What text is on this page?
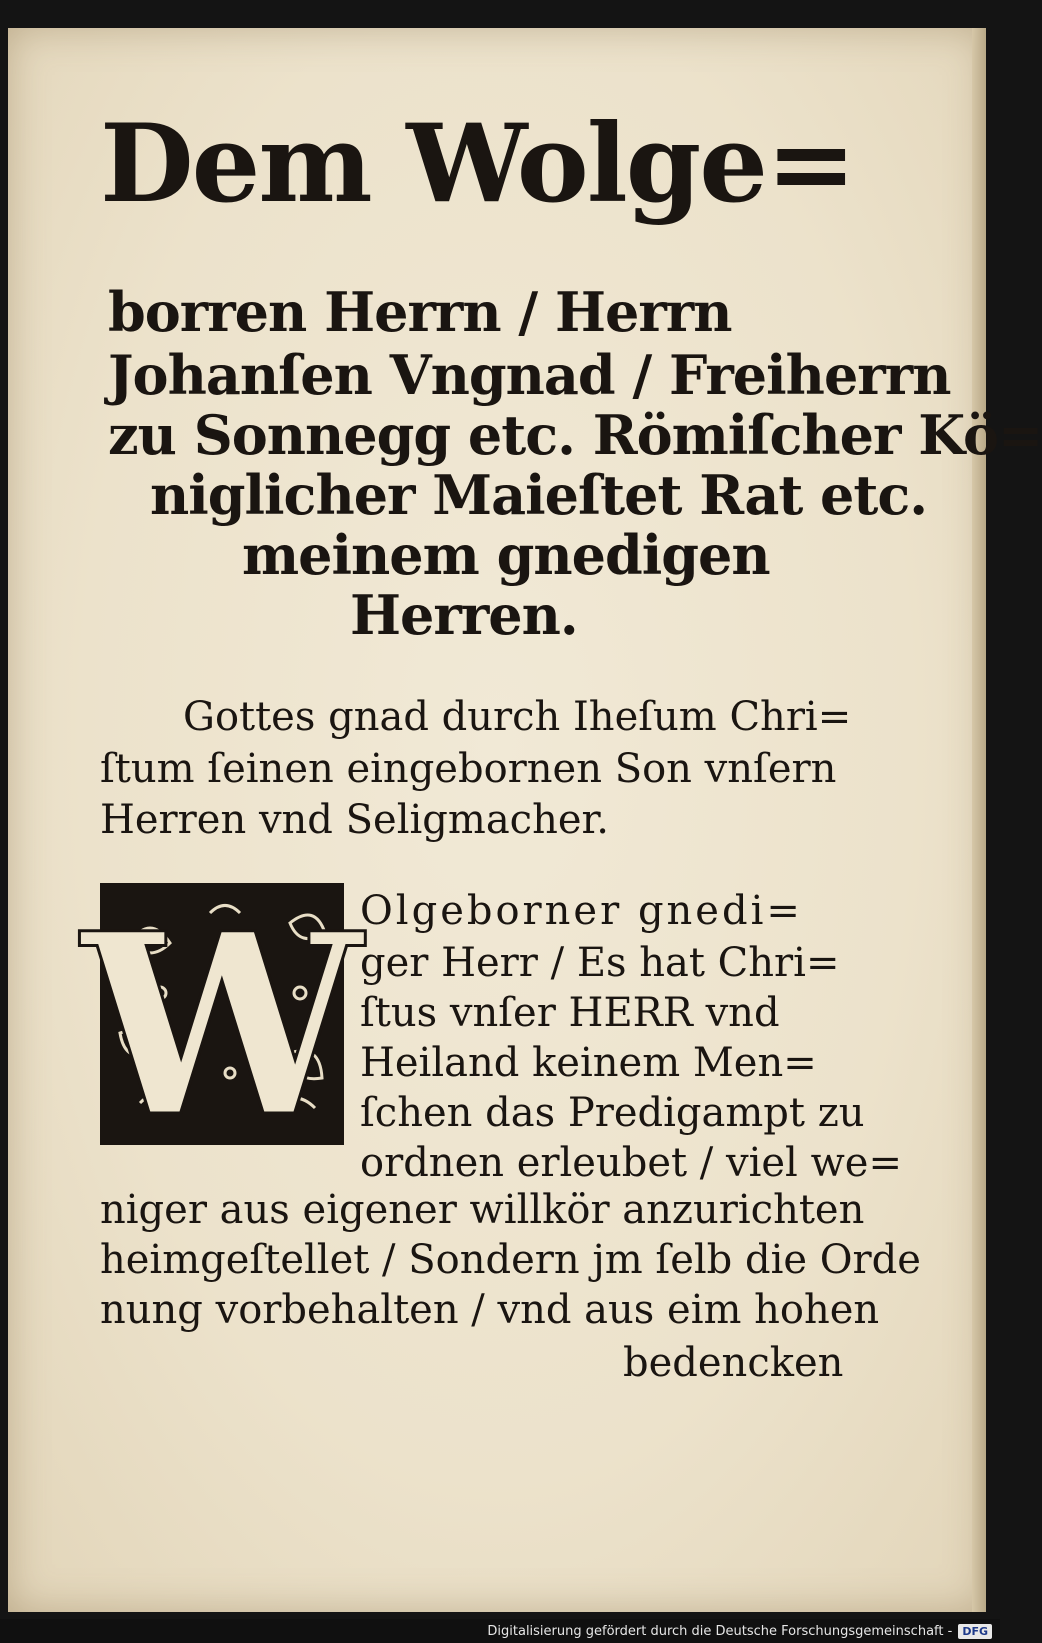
Dem Wolge=
borren Herrn / Herrn
Johanſen Vngnad / Freiherrn
zu Sonnegg etc. Römiſcher Kö=
niglicher Maieſtet Rat etc.
meinem gnedigen
Herren.
Gottes gnad durch Iheſum Chri=
ſtum ſeinen eingebornen Son vnſern
Herren vnd Seligmacher.
W
Olgeborner gnedi=
ger Herr / Es hat Chri=
ſtus vnſer HERR vnd
Heiland keinem Men=
ſchen das Predigampt zu
ordnen erleubet / viel we=
niger aus eigener willkör anzurichten
heimgeſtellet / Sondern jm ſelb die Orde
nung vorbehalten / vnd aus eim hohen
bedencken
Digitalisierung gefördert durch die Deutsche Forschungsgemeinschaft - DFG
